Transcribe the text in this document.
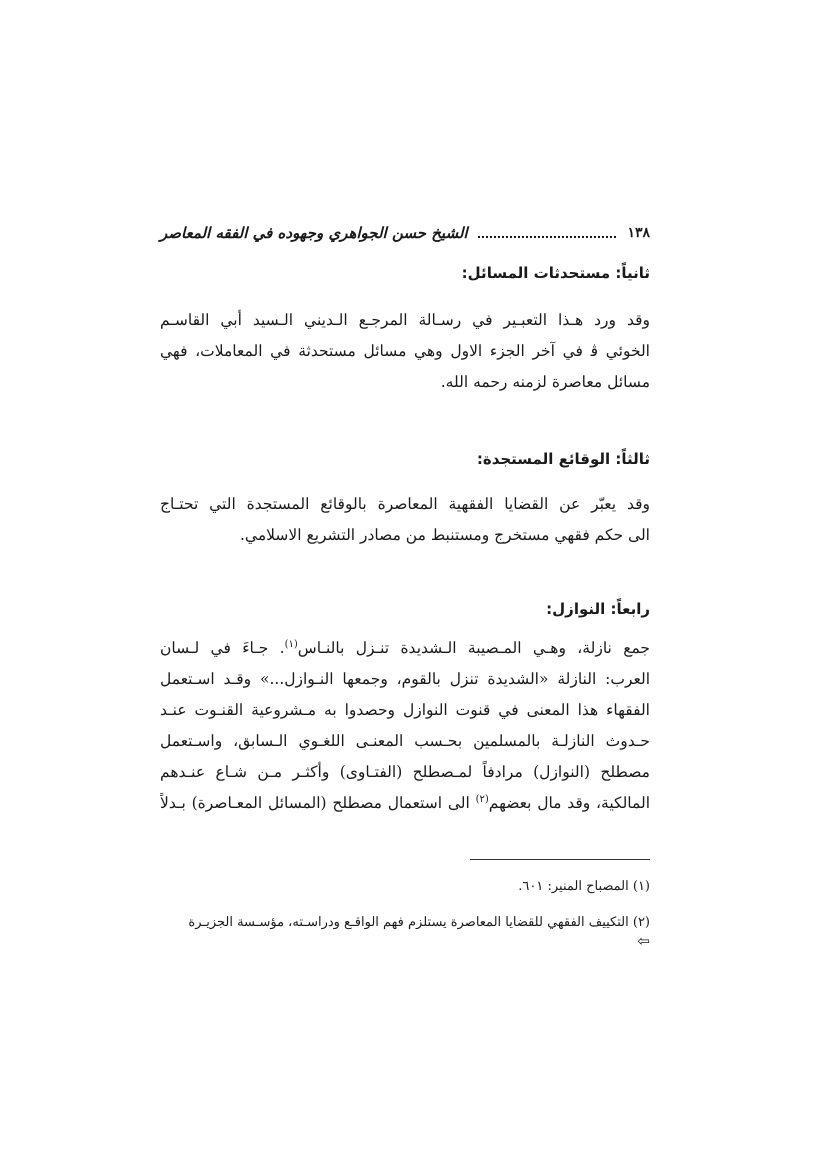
١٣٨
الشيخ حسن الجواهري وجهوده في الفقه المعاصر
ثانياً: مستحدثات المسائل:
وقد ورد هـذا التعبـير في رسـالة المرجـع الـديني الـسيد أبي القاسـم
الخوئي ﭬ في آخر الجزء الاول وهي مسائل مستحدثة في المعاملات، فهي
مسائل معاصرة لزمنه رحمه الله.
ثالثاً: الوقائع المستجدة:
وقد يعبّر عن القضايا الفقهية المعاصرة بالوقائع المستجدة التي تحتـاج
الى حكم فقهي مستخرج ومستنبط من مصادر التشريع الاسلامي.
رابعاً: النوازل:
جمع نازلة، وهـي المـصيبة الـشديدة تنـزل بالنـاس$^{(١)}$. جـاءَ في لـسان
العرب: النازلة «الشديدة تنزل بالقوم، وجمعها النـوازل...» وقـد اسـتعمل
الفقهاء هذا المعنى في قنوت النوازل وحصدوا به مـشروعية القنـوت عنـد
حـدوث النازلـة بالمسلمين بحـسب المعنـى اللغـوي الـسابق، واسـتعمل
مصطلح (النوازل) مرادفاً لمـصطلح (الفتـاوى) وأكثـر مـن شـاع عنـدهم
المالكية، وقد مال بعضهم$^{(٢)}$ الى استعمال مصطلح (المسائل المعـاصرة) بـدلاً
(١) المصباح المنير: ٦٠١.
(٢) التكييف الفقهي للقضايا المعاصرة يستلزم فهم الواقـع ودراسـته، مؤسـسة الجزيـرة
⇦
